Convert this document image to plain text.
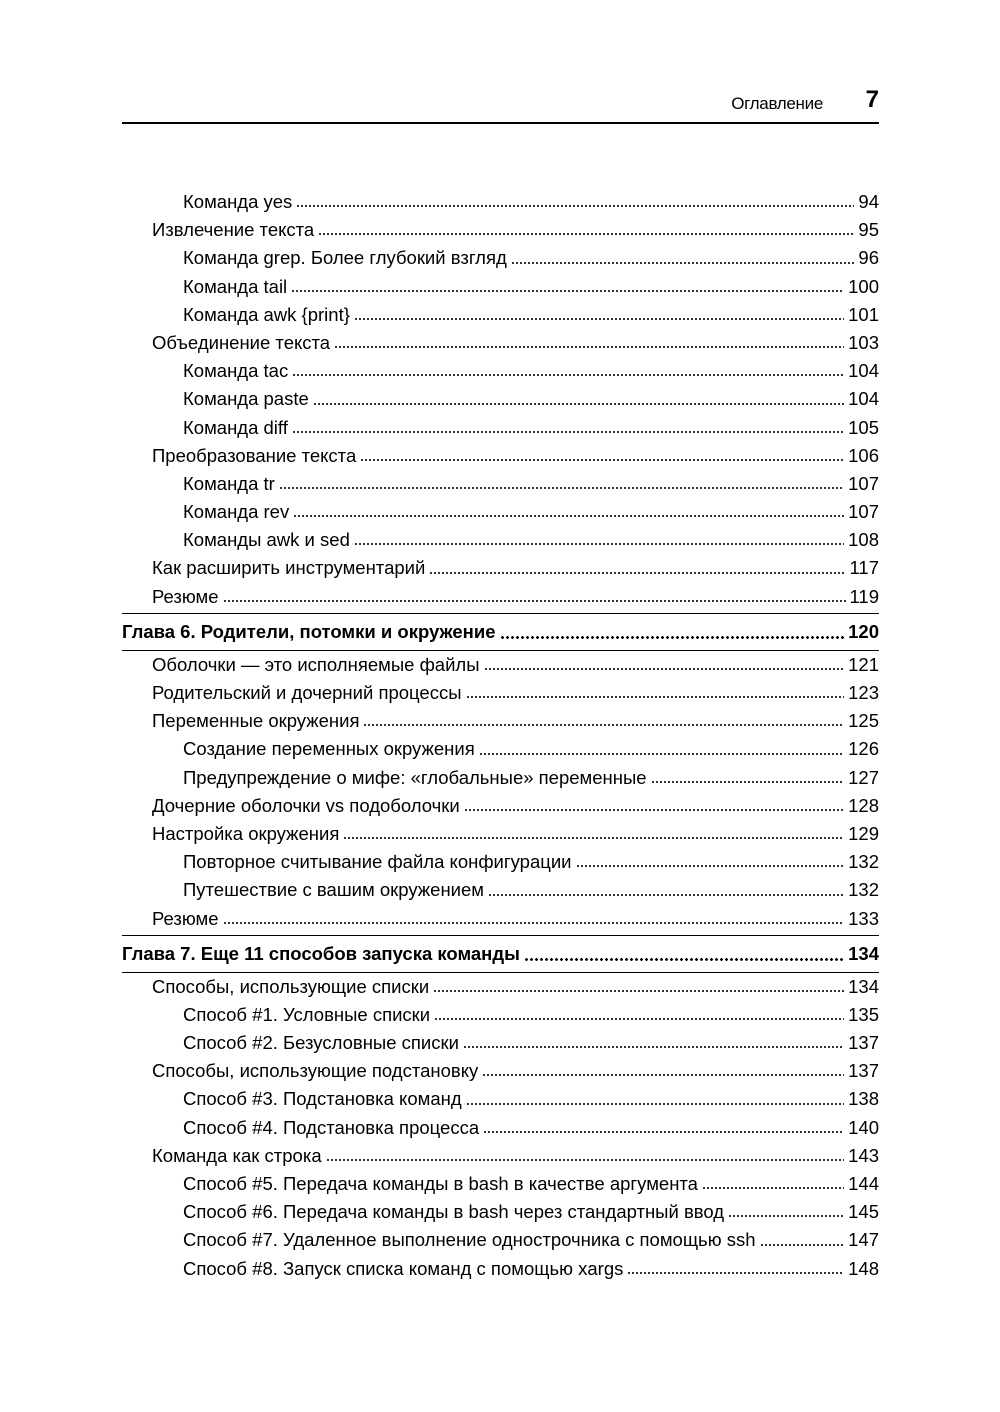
Оглавление 7
Команда yes	94
Извлечение текста	95
Команда grep. Более глубокий взгляд	96
Команда tail	100
Команда awk {print}	101
Объединение текста	103
Команда tac	104
Команда paste	104
Команда diff	105
Преобразование текста	106
Команда tr	107
Команда rev	107
Команды awk и sed	108
Как расширить инструментарий	117
Резюме	119
Глава 6. Родители, потомки и окружение	120
Оболочки — это исполняемые файлы	121
Родительский и дочерний процессы	123
Переменные окружения	125
Создание переменных окружения	126
Предупреждение о мифе: «глобальные» переменные	127
Дочерние оболочки vs подоболочки	128
Настройка окружения	129
Повторное считывание файла конфигурации	132
Путешествие с вашим окружением	132
Резюме	133
Глава 7. Еще 11 способов запуска команды	134
Способы, использующие списки	134
Способ #1. Условные списки	135
Способ #2. Безусловные списки	137
Способы, использующие подстановку	137
Способ #3. Подстановка команд	138
Способ #4. Подстановка процесса	140
Команда как строка	143
Способ #5. Передача команды в bash в качестве аргумента	144
Способ #6. Передача команды в bash через стандартный ввод	145
Способ #7. Удаленное выполнение однострочника с помощью ssh	147
Способ #8. Запуск списка команд с помощью xargs	148
